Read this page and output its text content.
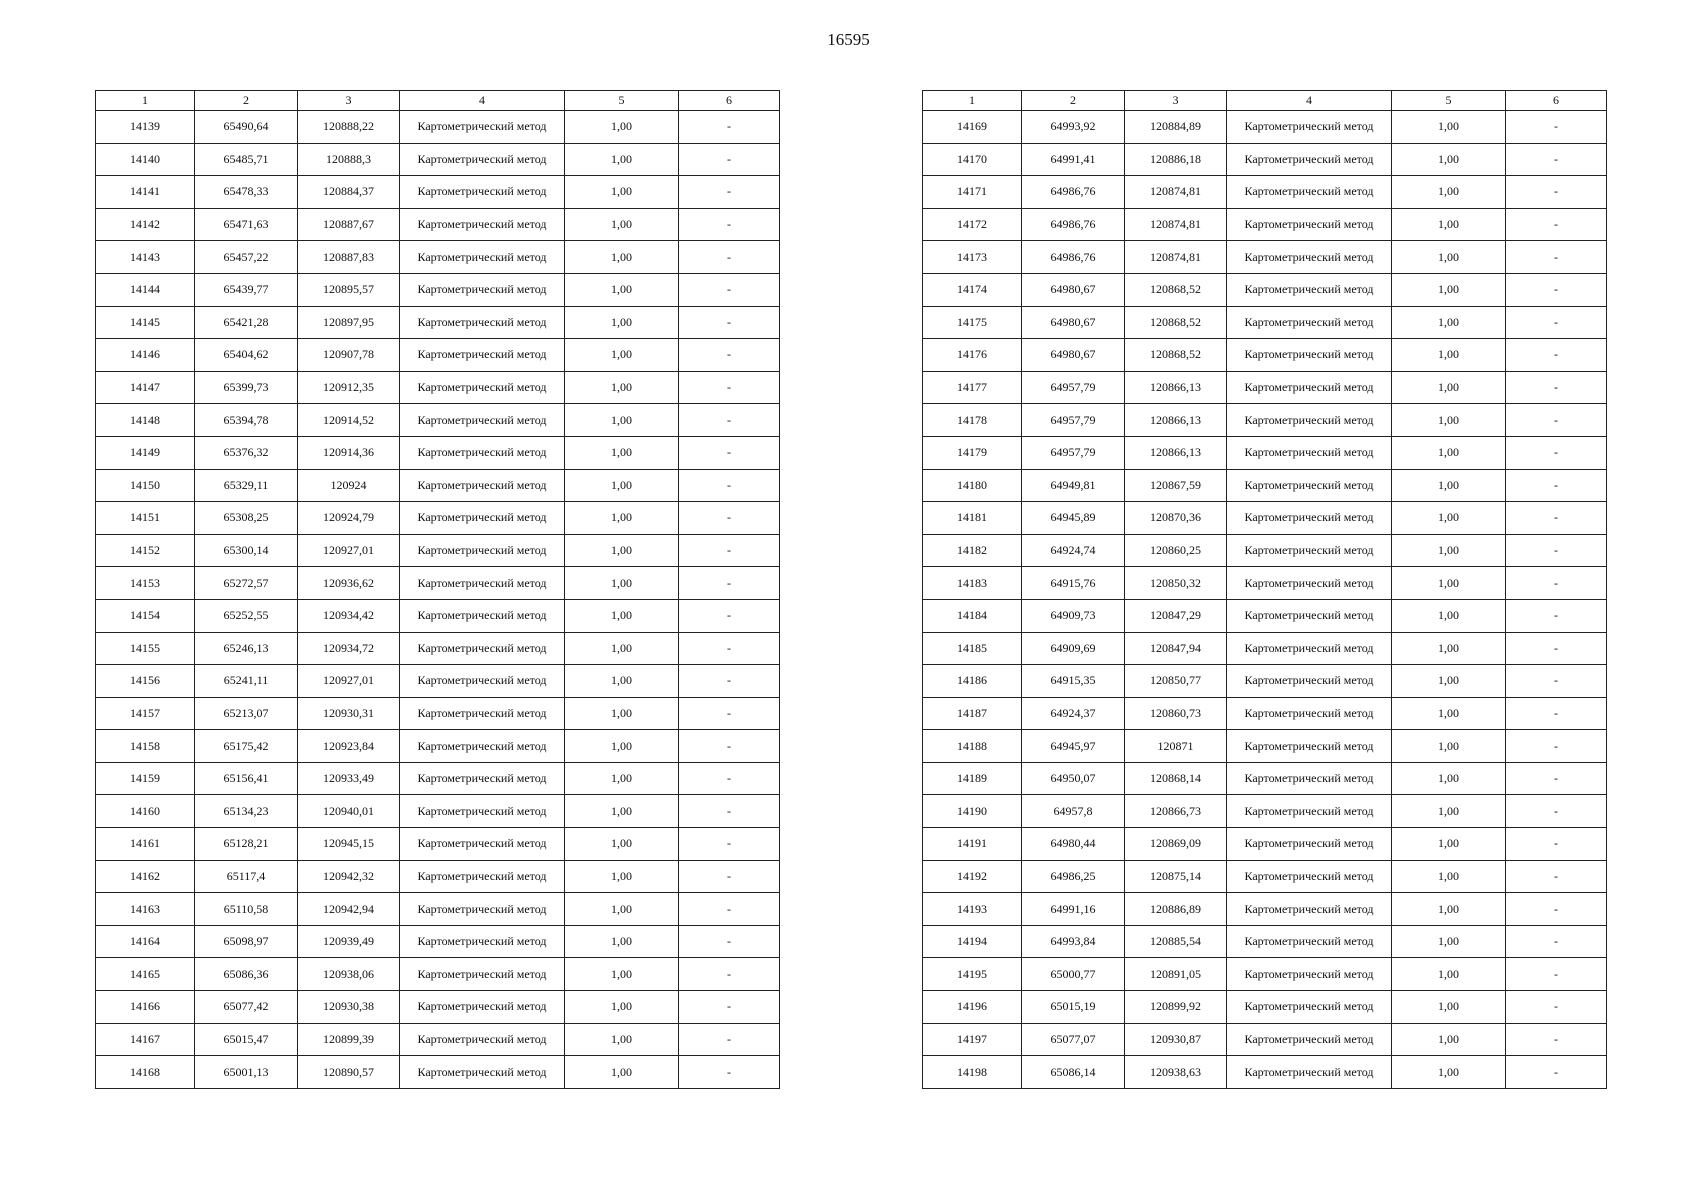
16595
1	2	3	4	5	6
14139	65490,64	120888,22	Картометрический метод	1,00	-
14140	65485,71	120888,3	Картометрический метод	1,00	-
14141	65478,33	120884,37	Картометрический метод	1,00	-
14142	65471,63	120887,67	Картометрический метод	1,00	-
14143	65457,22	120887,83	Картометрический метод	1,00	-
14144	65439,77	120895,57	Картометрический метод	1,00	-
14145	65421,28	120897,95	Картометрический метод	1,00	-
14146	65404,62	120907,78	Картометрический метод	1,00	-
14147	65399,73	120912,35	Картометрический метод	1,00	-
14148	65394,78	120914,52	Картометрический метод	1,00	-
14149	65376,32	120914,36	Картометрический метод	1,00	-
14150	65329,11	120924	Картометрический метод	1,00	-
14151	65308,25	120924,79	Картометрический метод	1,00	-
14152	65300,14	120927,01	Картометрический метод	1,00	-
14153	65272,57	120936,62	Картометрический метод	1,00	-
14154	65252,55	120934,42	Картометрический метод	1,00	-
14155	65246,13	120934,72	Картометрический метод	1,00	-
14156	65241,11	120927,01	Картометрический метод	1,00	-
14157	65213,07	120930,31	Картометрический метод	1,00	-
14158	65175,42	120923,84	Картометрический метод	1,00	-
14159	65156,41	120933,49	Картометрический метод	1,00	-
14160	65134,23	120940,01	Картометрический метод	1,00	-
14161	65128,21	120945,15	Картометрический метод	1,00	-
14162	65117,4	120942,32	Картометрический метод	1,00	-
14163	65110,58	120942,94	Картометрический метод	1,00	-
14164	65098,97	120939,49	Картометрический метод	1,00	-
14165	65086,36	120938,06	Картометрический метод	1,00	-
14166	65077,42	120930,38	Картометрический метод	1,00	-
14167	65015,47	120899,39	Картометрический метод	1,00	-
14168	65001,13	120890,57	Картометрический метод	1,00	-
1	2	3	4	5	6
14169	64993,92	120884,89	Картометрический метод	1,00	-
14170	64991,41	120886,18	Картометрический метод	1,00	-
14171	64986,76	120874,81	Картометрический метод	1,00	-
14172	64986,76	120874,81	Картометрический метод	1,00	-
14173	64986,76	120874,81	Картометрический метод	1,00	-
14174	64980,67	120868,52	Картометрический метод	1,00	-
14175	64980,67	120868,52	Картометрический метод	1,00	-
14176	64980,67	120868,52	Картометрический метод	1,00	-
14177	64957,79	120866,13	Картометрический метод	1,00	-
14178	64957,79	120866,13	Картометрический метод	1,00	-
14179	64957,79	120866,13	Картометрический метод	1,00	-
14180	64949,81	120867,59	Картометрический метод	1,00	-
14181	64945,89	120870,36	Картометрический метод	1,00	-
14182	64924,74	120860,25	Картометрический метод	1,00	-
14183	64915,76	120850,32	Картометрический метод	1,00	-
14184	64909,73	120847,29	Картометрический метод	1,00	-
14185	64909,69	120847,94	Картометрический метод	1,00	-
14186	64915,35	120850,77	Картометрический метод	1,00	-
14187	64924,37	120860,73	Картометрический метод	1,00	-
14188	64945,97	120871	Картометрический метод	1,00	-
14189	64950,07	120868,14	Картометрический метод	1,00	-
14190	64957,8	120866,73	Картометрический метод	1,00	-
14191	64980,44	120869,09	Картометрический метод	1,00	-
14192	64986,25	120875,14	Картометрический метод	1,00	-
14193	64991,16	120886,89	Картометрический метод	1,00	-
14194	64993,84	120885,54	Картометрический метод	1,00	-
14195	65000,77	120891,05	Картометрический метод	1,00	-
14196	65015,19	120899,92	Картометрический метод	1,00	-
14197	65077,07	120930,87	Картометрический метод	1,00	-
14198	65086,14	120938,63	Картометрический метод	1,00	-
